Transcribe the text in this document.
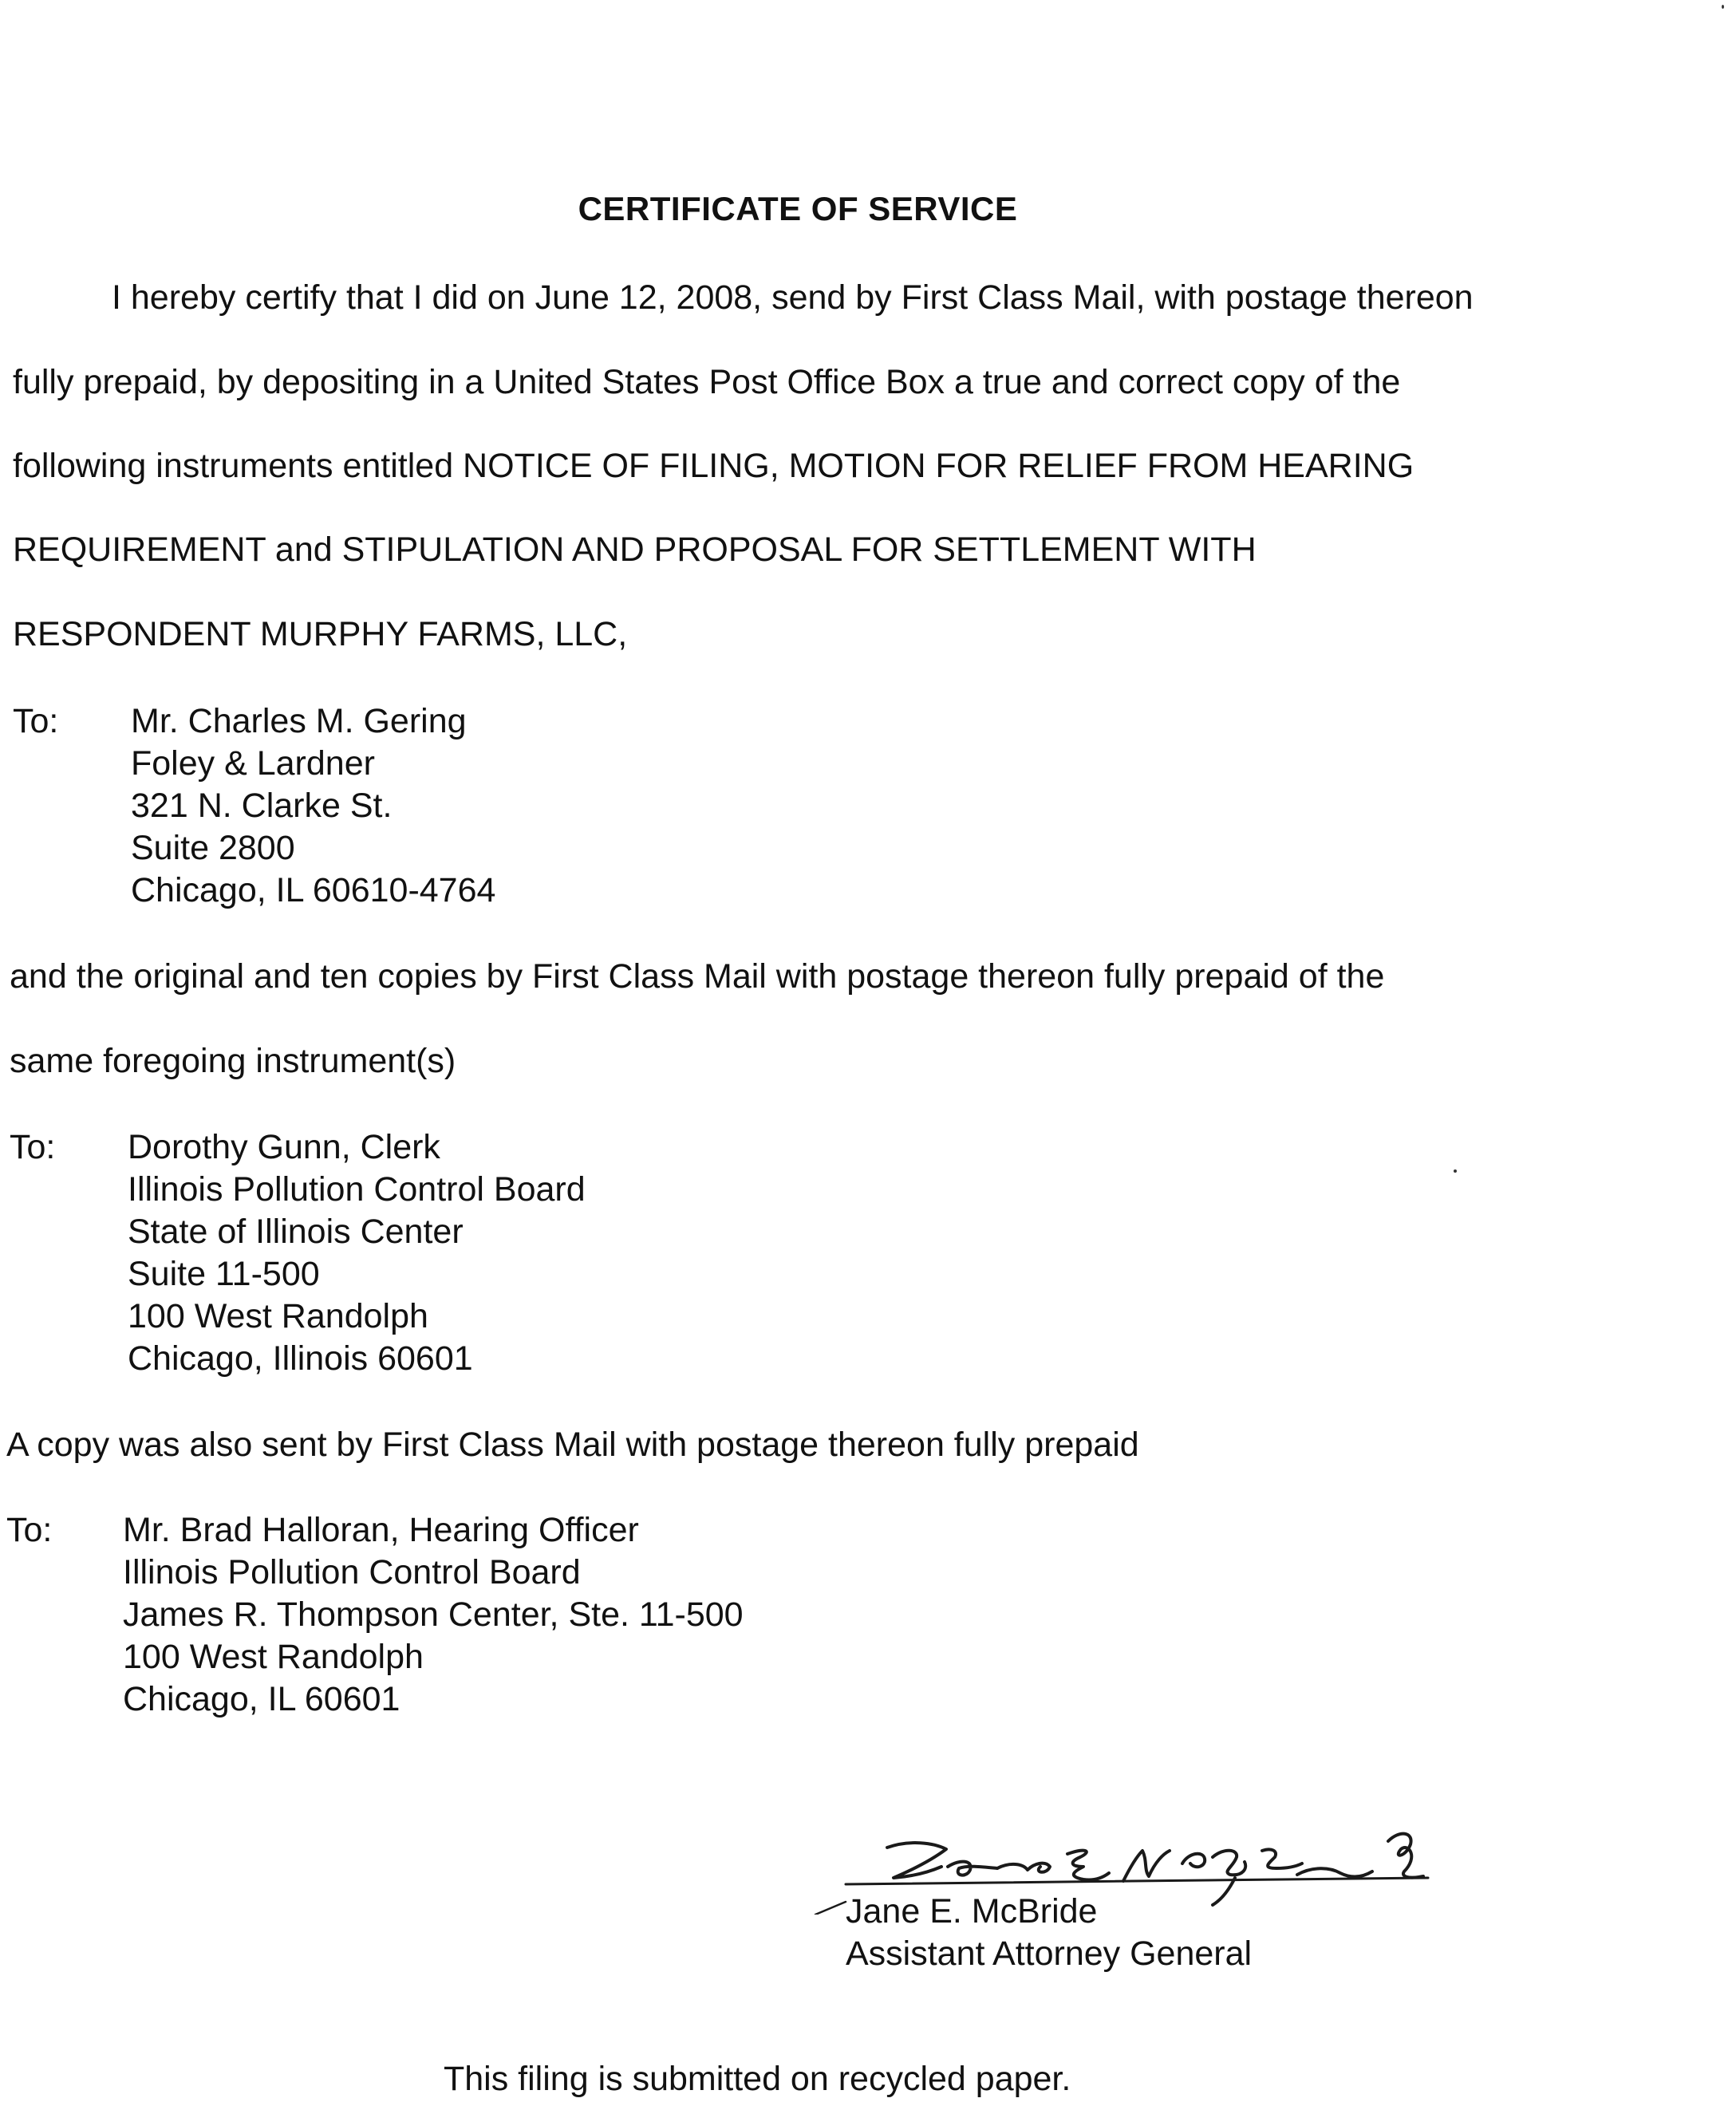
CERTIFICATE OF SERVICE
I hereby certify that I did on June 12, 2008, send by First Class Mail, with postage thereon
fully prepaid, by depositing in a United States Post Office Box a true and correct copy of the
following instruments entitled NOTICE OF FILING, MOTION FOR RELIEF FROM HEARING
REQUIREMENT and STIPULATION AND PROPOSAL FOR SETTLEMENT WITH
RESPONDENT MURPHY FARMS, LLC,
To: Mr. Charles M. Gering
Foley & Lardner
321 N. Clarke St.
Suite 2800
Chicago, IL 60610-4764
and the original and ten copies by First Class Mail with postage thereon fully prepaid of the
same foregoing instrument(s)
To: Dorothy Gunn, Clerk
Illinois Pollution Control Board
State of Illinois Center
Suite 11-500
100 West Randolph
Chicago, Illinois 60601
A copy was also sent by First Class Mail with postage thereon fully prepaid
To: Mr. Brad Halloran, Hearing Officer
Illinois Pollution Control Board
James R. Thompson Center, Ste. 11-500
100 West Randolph
Chicago, IL 60601
Jane E. McBride
Assistant Attorney General
This filing is submitted on recycled paper.
